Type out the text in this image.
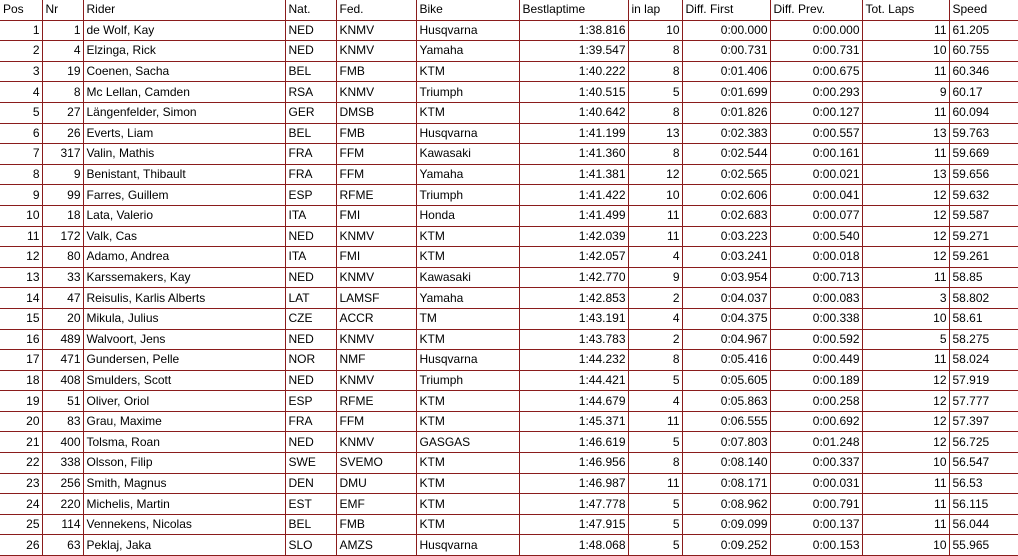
Pos	Nr	Rider	Nat.	Fed.	Bike	Bestlaptime	in lap	Diff. First	Diff. Prev.	Tot. Laps	Speed
1	1	de Wolf, Kay	NED	KNMV	Husqvarna	1:38.816	10	0:00.000	0:00.000	11	61.205
2	4	Elzinga, Rick	NED	KNMV	Yamaha	1:39.547	8	0:00.731	0:00.731	10	60.755
3	19	Coenen, Sacha	BEL	FMB	KTM	1:40.222	8	0:01.406	0:00.675	11	60.346
4	8	Mc Lellan, Camden	RSA	KNMV	Triumph	1:40.515	5	0:01.699	0:00.293	9	60.17
5	27	Längenfelder, Simon	GER	DMSB	KTM	1:40.642	8	0:01.826	0:00.127	11	60.094
6	26	Everts, Liam	BEL	FMB	Husqvarna	1:41.199	13	0:02.383	0:00.557	13	59.763
7	317	Valin, Mathis	FRA	FFM	Kawasaki	1:41.360	8	0:02.544	0:00.161	11	59.669
8	9	Benistant, Thibault	FRA	FFM	Yamaha	1:41.381	12	0:02.565	0:00.021	13	59.656
9	99	Farres, Guillem	ESP	RFME	Triumph	1:41.422	10	0:02.606	0:00.041	12	59.632
10	18	Lata, Valerio	ITA	FMI	Honda	1:41.499	11	0:02.683	0:00.077	12	59.587
11	172	Valk, Cas	NED	KNMV	KTM	1:42.039	11	0:03.223	0:00.540	12	59.271
12	80	Adamo, Andrea	ITA	FMI	KTM	1:42.057	4	0:03.241	0:00.018	12	59.261
13	33	Karssemakers, Kay	NED	KNMV	Kawasaki	1:42.770	9	0:03.954	0:00.713	11	58.85
14	47	Reisulis, Karlis Alberts	LAT	LAMSF	Yamaha	1:42.853	2	0:04.037	0:00.083	3	58.802
15	20	Mikula, Julius	CZE	ACCR	TM	1:43.191	4	0:04.375	0:00.338	10	58.61
16	489	Walvoort, Jens	NED	KNMV	KTM	1:43.783	2	0:04.967	0:00.592	5	58.275
17	471	Gundersen, Pelle	NOR	NMF	Husqvarna	1:44.232	8	0:05.416	0:00.449	11	58.024
18	408	Smulders, Scott	NED	KNMV	Triumph	1:44.421	5	0:05.605	0:00.189	12	57.919
19	51	Oliver, Oriol	ESP	RFME	KTM	1:44.679	4	0:05.863	0:00.258	12	57.777
20	83	Grau, Maxime	FRA	FFM	KTM	1:45.371	11	0:06.555	0:00.692	12	57.397
21	400	Tolsma, Roan	NED	KNMV	GASGAS	1:46.619	5	0:07.803	0:01.248	12	56.725
22	338	Olsson, Filip	SWE	SVEMO	KTM	1:46.956	8	0:08.140	0:00.337	10	56.547
23	256	Smith, Magnus	DEN	DMU	KTM	1:46.987	11	0:08.171	0:00.031	11	56.53
24	220	Michelis, Martin	EST	EMF	KTM	1:47.778	5	0:08.962	0:00.791	11	56.115
25	114	Vennekens, Nicolas	BEL	FMB	KTM	1:47.915	5	0:09.099	0:00.137	11	56.044
26	63	Peklaj, Jaka	SLO	AMZS	Husqvarna	1:48.068	5	0:09.252	0:00.153	10	55.965
